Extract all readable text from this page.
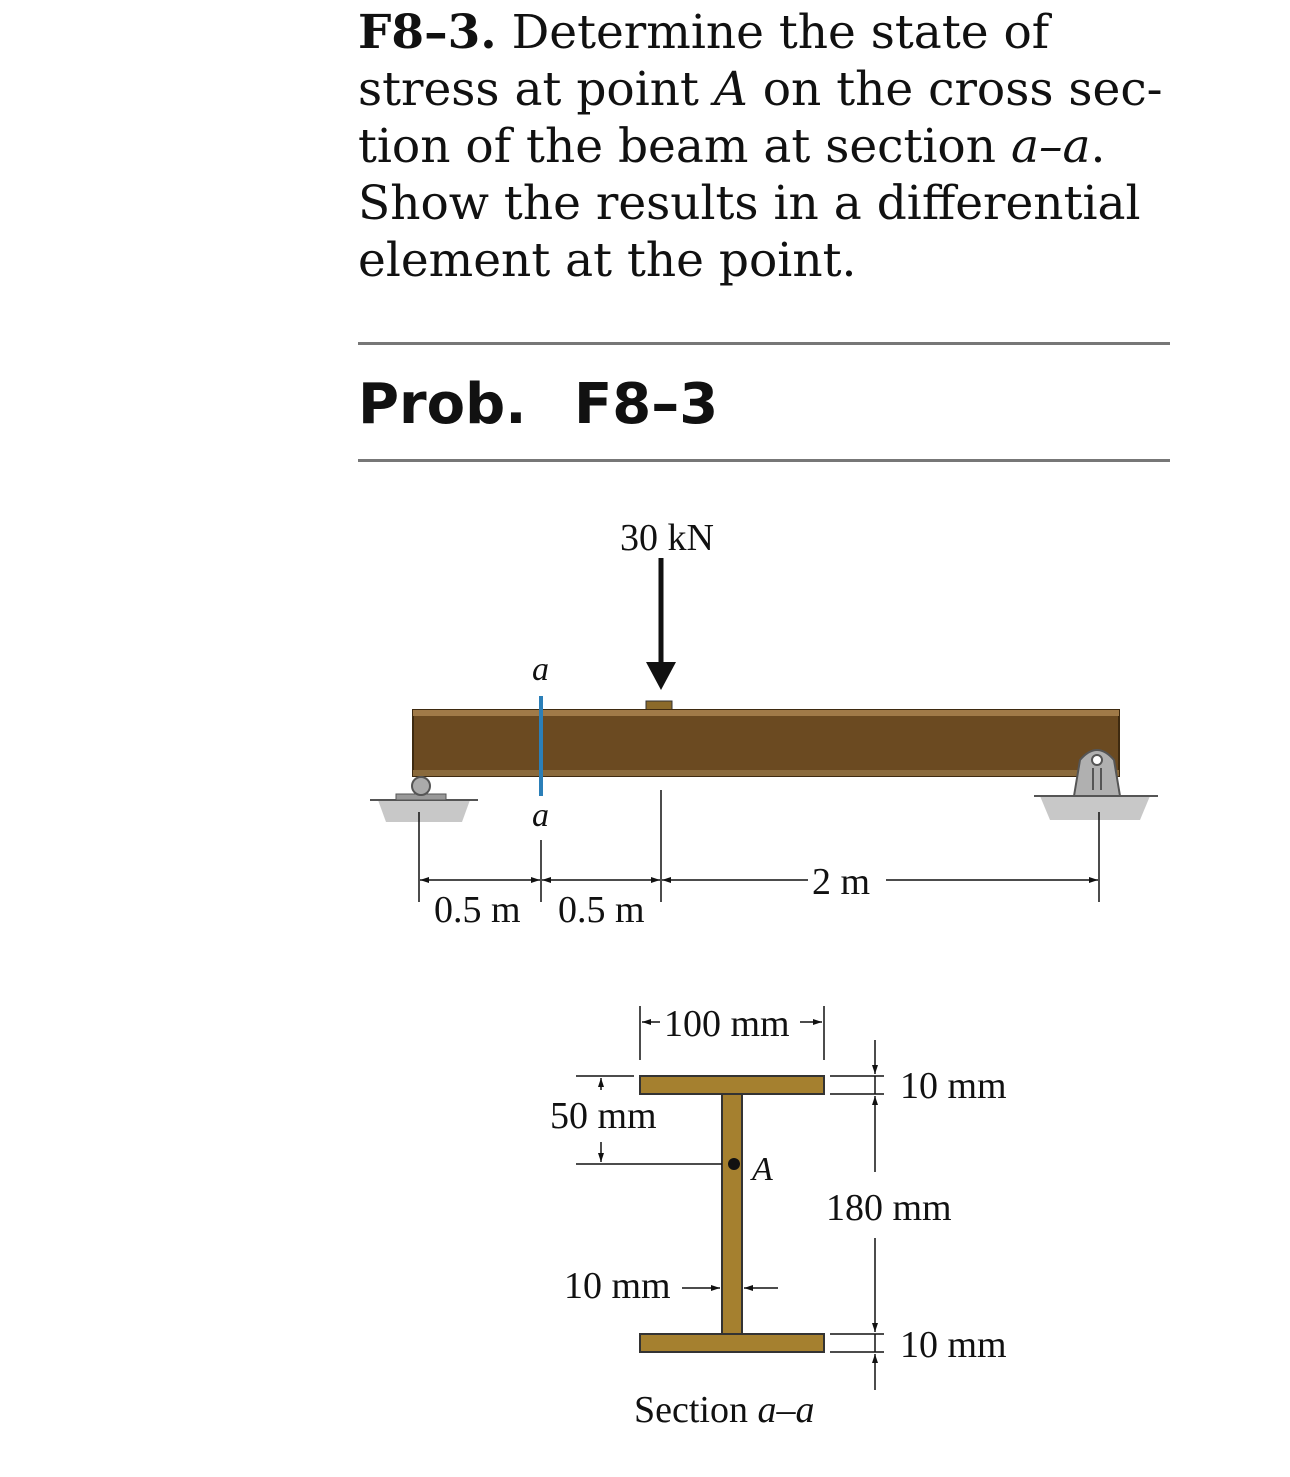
F8–3. Determine the state of
stress at point A on the cross sec-
tion of the beam at section a–a.
Show the results in a differential
element at the point.
Prob. F8–3
30 kN
a
a
0.5 m 0.5 m
2 m
A
100 mm
10 mm
50 mm
180 mm
10 mm
10 mm
Section a–a
